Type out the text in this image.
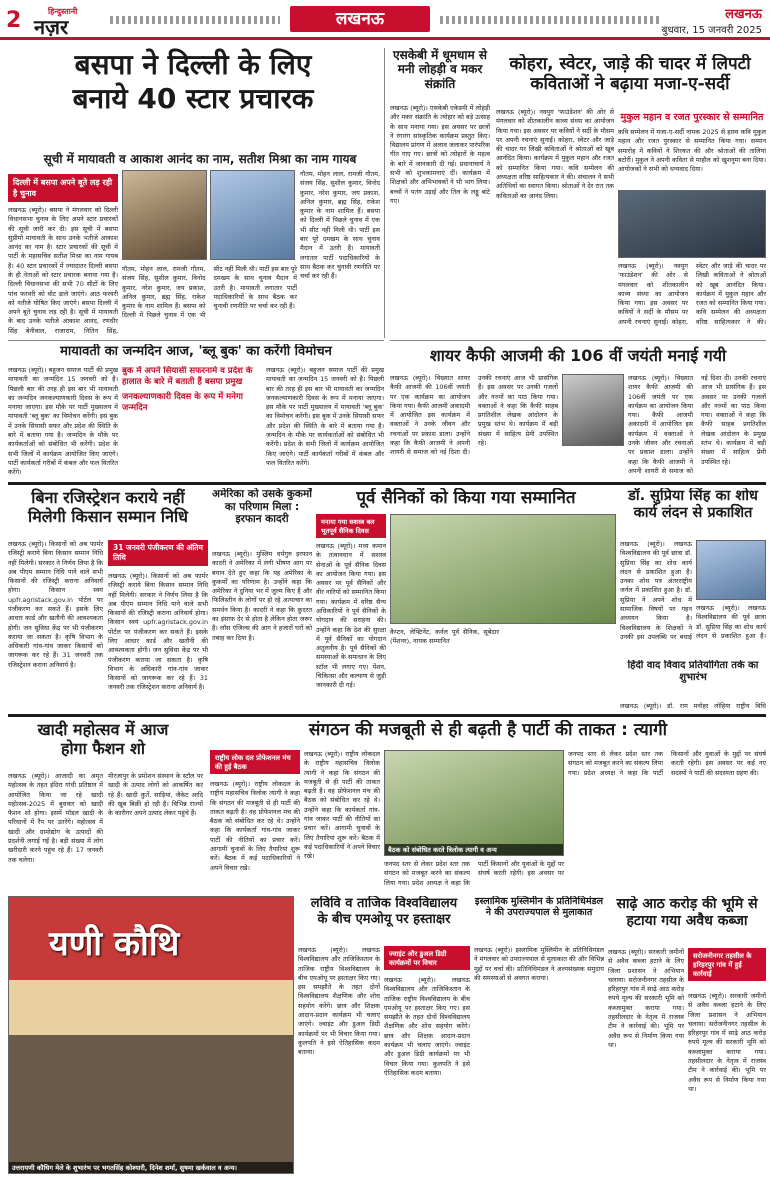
2	हिन्दुस्तानी
नज़र	लखनऊ	लखनऊ
बुधवार, 15 जनवरी 2025
बसपा ने दिल्ली के लिए
बनाये 40 स्टार प्रचारक
सूची में मायावती व आकाश आनंद का नाम, सतीश मिश्रा का नाम गायब
दिल्ली में बसपा अपने बूते लड़ रही है चुनाव
लखनऊ (ब्यूरो)। बसपा ने मंगलवार को दिल्ली विधानसभा चुनाव के लिए अपने स्टार प्रचारकों की सूची जारी कर दी। इस सूची में बसपा सुप्रीमो मायावती के साथ उनके भतीजे आकाश आनंद का नाम है। स्टार प्रचारकों की सूची में पार्टी के महासचिव सतीश मिश्रा का नाम गायब है। 40 स्टार प्रचारकों में ज्यादातर दिल्ली बसपा के ही नेताओं को स्टार प्रचारक बनाया गया है। दिल्ली विधानसभा की सभी 70 सीटों के लिए पांच फरवरी को वोट डाले जाएंगे। आठ फरवरी को नतीजे घोषित किए जाएंगे। बसपा दिल्ली में अपने बूते चुनाव लड़ रही है। सूची में मायावती के बाद उनके भतीजे आकाश आनंद, रणधीर सिंह बेनीवाल, राजाराम, नितिन सिंह,
गौतम, मोहन लाल, रामजी गौतम, संजय सिंह, सुशील कुमार, विनोद कुमार, नरेश कुमार, जय प्रकाश, अनिल कुमार, ब्रह्म सिंह, राकेश कुमार के नाम शामिल हैं। बसपा को दिल्ली में पिछले चुनाव में एक भी सीट नहीं मिली थी। पार्टी इस बार पूरे दमखम के साथ चुनाव मैदान में उतरी है। मायावती लगातार पार्टी पदाधिकारियों के साथ बैठक कर चुनावी रणनीति पर चर्चा कर रही हैं।
गौतम, मोहन लाल, रामजी गौतम, संजय सिंह, सुशील कुमार, विनोद कुमार, नरेश कुमार, जय प्रकाश, अनिल कुमार, ब्रह्म सिंह, राकेश कुमार के नाम शामिल हैं। बसपा को दिल्ली में पिछले चुनाव में एक भी सीट नहीं मिली थी। पार्टी इस बार पूरे दमखम के साथ चुनाव मैदान में उतरी है। मायावती लगातार पार्टी पदाधिकारियों के साथ बैठक कर चुनावी रणनीति पर चर्चा कर रही हैं।
एसकेबी में धूमधाम से मनी लोहड़ी व मकर संक्रांति
लखनऊ (ब्यूरो)। एसकेबी एकेडमी में लोहड़ी और मकर संक्रांति के त्योहार को बड़े उत्साह के साथ मनाया गया। इस अवसर पर छात्रों ने रंगारंग सांस्कृतिक कार्यक्रम प्रस्तुत किए। विद्यालय प्रांगण में अलाव जलाकर पारंपरिक गीत गाए गए। छात्रों को त्योहारों के महत्व के बारे में जानकारी दी गई। प्रधानाचार्य ने सभी को शुभकामनाएं दीं। कार्यक्रम में शिक्षकों और अभिभावकों ने भी भाग लिया। बच्चों ने पतंग उड़ाई और तिल के लड्डू बांटे गए।
कोहरा, स्वेटर, जाड़े की चादर में लिपटी
कविताओं ने बढ़ाया मजा-ए-सर्दी
लखनऊ (ब्यूरो)। नवयुग 'फाउंडेशन' की ओर से मंगलवार को शीतकालीन काव्य संध्या का आयोजन किया गया। इस अवसर पर कवियों ने सर्दी के मौसम पर अपनी रचनाएं सुनाईं। कोहरा, स्वेटर और जाड़े की चादर पर लिखी कविताओं ने श्रोताओं को खूब आनंदित किया। कार्यक्रम में मुकुल महान और रजत को सम्मानित किया गया। कवि सम्मेलन की अध्यक्षता वरिष्ठ साहित्यकार ने की। संचालन ने सभी अतिथियों का स्वागत किया। श्रोताओं ने देर रात तक कविताओं का आनंद लिया।
मुकुल महान व रजत पुरस्कार से सम्मानित
कवि सम्मेलन में मजा-ए-सर्दी नामक 2025 से हास्य कवि मुकुल महान और रजत पुरस्कार से सम्मानित किया गया। सम्मान समारोह में कवियों ने शिरकत की और श्रोताओं की तालियां बटोरीं। मुकुल ने अपनी कविता से माहौल को खुशनुमा बना दिया। आयोजकों ने सभी को धन्यवाद दिया।
लखनऊ (ब्यूरो)। नवयुग 'फाउंडेशन' की ओर से मंगलवार को शीतकालीन काव्य संध्या का आयोजन किया गया। इस अवसर पर कवियों ने सर्दी के मौसम पर अपनी रचनाएं सुनाईं। कोहरा, स्वेटर और जाड़े की चादर पर लिखी कविताओं ने श्रोताओं को खूब आनंदित किया। कार्यक्रम में मुकुल महान और रजत को सम्मानित किया गया। कवि सम्मेलन की अध्यक्षता वरिष्ठ साहित्यकार ने की।
मायावती का जन्मदिन आज, 'ब्लू बुक' का करेंगी विमोचन
लखनऊ (ब्यूरो)। बहुजन समाज पार्टी की प्रमुख मायावती का जन्मदिन 15 जनवरी को है। पिछली बार की तरह ही इस बार भी मायावती का जन्मदिन जनकल्याणकारी दिवस के रूप में मनाया जाएगा। इस मौके पर पार्टी मुख्यालय में मायावती 'ब्लू बुक' का विमोचन करेंगी। इस बुक में उनके सियासी सफर और प्रदेश की स्थिति के बारे में बताया गया है। जन्मदिन के मौके पर कार्यकर्ताओं को संबोधित भी करेंगी। प्रदेश के सभी जिलों में कार्यक्रम आयोजित किए जाएंगे। पार्टी कार्यकर्ता गरीबों में कंबल और फल वितरित करेंगे।
बुक में अपने सियासी सफरनामे व प्रदेश के हालात के बारे में बताती हैं बसपा प्रमुख
जनकल्याणकारी दिवस के रूप में मनेगा जन्मदिन
लखनऊ (ब्यूरो)। बहुजन समाज पार्टी की प्रमुख मायावती का जन्मदिन 15 जनवरी को है। पिछली बार की तरह ही इस बार भी मायावती का जन्मदिन जनकल्याणकारी दिवस के रूप में मनाया जाएगा। इस मौके पर पार्टी मुख्यालय में मायावती 'ब्लू बुक' का विमोचन करेंगी। इस बुक में उनके सियासी सफर और प्रदेश की स्थिति के बारे में बताया गया है। जन्मदिन के मौके पर कार्यकर्ताओं को संबोधित भी करेंगी। प्रदेश के सभी जिलों में कार्यक्रम आयोजित किए जाएंगे। पार्टी कार्यकर्ता गरीबों में कंबल और फल वितरित करेंगे।
शायर कैफी आजमी की 106 वीं जयंती मनाई गयी
लखनऊ (ब्यूरो)। विख्यात शायर कैफी आजमी की 106वीं जयंती पर एक कार्यक्रम का आयोजन किया गया। कैफी आजमी अकादमी में आयोजित इस कार्यक्रम में वक्ताओं ने उनके जीवन और रचनाओं पर प्रकाश डाला। उन्होंने कहा कि कैफी आजमी ने अपनी शायरी से समाज को नई दिशा दी। उनकी रचनाएं आज भी प्रासंगिक हैं। इस अवसर पर उनकी गजलों और नज्मों का पाठ किया गया। वक्ताओं ने कहा कि कैफी साहब प्रगतिशील लेखक आंदोलन के प्रमुख स्तंभ थे। कार्यक्रम में बड़ी संख्या में साहित्य प्रेमी उपस्थित रहे।
लखनऊ (ब्यूरो)। विख्यात शायर कैफी आजमी की 106वीं जयंती पर एक कार्यक्रम का आयोजन किया गया। कैफी आजमी अकादमी में आयोजित इस कार्यक्रम में वक्ताओं ने उनके जीवन और रचनाओं पर प्रकाश डाला। उन्होंने कहा कि कैफी आजमी ने अपनी शायरी से समाज को नई दिशा दी। उनकी रचनाएं आज भी प्रासंगिक हैं। इस अवसर पर उनकी गजलों और नज्मों का पाठ किया गया। वक्ताओं ने कहा कि कैफी साहब प्रगतिशील लेखक आंदोलन के प्रमुख स्तंभ थे। कार्यक्रम में बड़ी संख्या में साहित्य प्रेमी उपस्थित रहे।
बिना रजिस्ट्रेशन कराये नहीं
मिलेगी किसान सम्मान निधि
लखनऊ (ब्यूरो)। किसानों को अब फार्मर रजिस्ट्री कराये बिना किसान सम्मान निधि नहीं मिलेगी। सरकार ने निर्णय लिया है कि अब पीएम सम्मान निधि पाने वाले सभी किसानों की रजिस्ट्री कराना अनिवार्य होगा। किसान स्वयं upfr.agristack.gov.in पोर्टल पर पंजीकरण कर सकते हैं। इसके लिए आधार कार्ड और खतौनी की आवश्यकता होगी। जन सुविधा केंद्र पर भी पंजीकरण कराया जा सकता है। कृषि विभाग के अधिकारी गांव-गांव जाकर किसानों को जागरूक कर रहे हैं। 31 जनवरी तक रजिस्ट्रेशन कराना अनिवार्य है।
31 जनवरी पंजीकरण की अंतिम तिथि
लखनऊ (ब्यूरो)। किसानों को अब फार्मर रजिस्ट्री कराये बिना किसान सम्मान निधि नहीं मिलेगी। सरकार ने निर्णय लिया है कि अब पीएम सम्मान निधि पाने वाले सभी किसानों की रजिस्ट्री कराना अनिवार्य होगा। किसान स्वयं upfr.agristack.gov.in पोर्टल पर पंजीकरण कर सकते हैं। इसके लिए आधार कार्ड और खतौनी की आवश्यकता होगी। जन सुविधा केंद्र पर भी पंजीकरण कराया जा सकता है। कृषि विभाग के अधिकारी गांव-गांव जाकर किसानों को जागरूक कर रहे हैं। 31 जनवरी तक रजिस्ट्रेशन कराना अनिवार्य है।
अमेरिका को उसके कुकर्मों का परिणाम मिला : इरफान कादरी
लखनऊ (ब्यूरो)। मुस्लिम धर्मगुरु इरफान कादरी ने अमेरिका में लगी भीषण आग पर बयान देते हुए कहा कि यह अमेरिका के कुकर्मों का परिणाम है। उन्होंने कहा कि अमेरिका ने दुनिया भर में जुल्म किए हैं और फिलिस्तीन के लोगों पर हो रहे अत्याचार का समर्थन किया है। कादरी ने कहा कि कुदरत का इंसाफ देर से होता है लेकिन होता जरूर है। लॉस एंजिल्स की आग ने हजारों घरों को तबाह कर दिया है।
पूर्व सैनिकों को किया गया सम्मानित
मनाया गया सशस्त्र बल भूतपूर्व सैनिक दिवस
लखनऊ (ब्यूरो)। मध्य कमान के तत्वावधान में सशस्त्र सेनाओं के पूर्व सैनिक दिवस का आयोजन किया गया। इस अवसर पर पूर्व सैनिकों और वीर नारियों को सम्मानित किया गया। कार्यक्रम में वरिष्ठ सैन्य अधिकारियों ने पूर्व सैनिकों के योगदान की सराहना की। उन्होंने कहा कि देश की सुरक्षा में पूर्व सैनिकों का योगदान अतुलनीय है। पूर्व सैनिकों की समस्याओं के समाधान के लिए स्टॉल भी लगाए गए। पेंशन, चिकित्सा और कल्याण से जुड़ी जानकारी दी गई।
कैप्टन, लेफ्टिनेंट, कर्नल पूर्व सैनिक, सूबेदार (पेंशनर), नायक सम्मानित
डॉ. सुप्रिया सिंह का शोध
कार्य लंदन से प्रकाशित
लखनऊ (ब्यूरो)। लखनऊ विश्वविद्यालय की पूर्व छात्रा डॉ. सुप्रिया सिंह का शोध कार्य लंदन से प्रकाशित हुआ है। उनका शोध पत्र अंतरराष्ट्रीय जर्नल में प्रकाशित हुआ है। डॉ. सुप्रिया ने अपने शोध में सामाजिक विषयों पर गहन अध्ययन किया है। विश्वविद्यालय के शिक्षकों ने उनकी इस उपलब्धि पर बधाई
लखनऊ (ब्यूरो)। लखनऊ विश्वविद्यालय की पूर्व छात्रा डॉ. सुप्रिया सिंह का शोध कार्य लंदन से प्रकाशित हुआ है।
हिंदी वाद विवाद प्रतियोगिता तर्क का शुभारंभ
लखनऊ (ब्यूरो)। डॉ. राम मनोहर लोहिया राष्ट्रीय विधि
खादी महोत्सव में आज
होगा फैशन शो
लखनऊ (ब्यूरो)। आजादी का अमृत महोत्सव के तहत इंदिरा गांधी प्रतिष्ठान में आयोजित किया जा रहे खादी महोत्सव-2025 में बुधवार को खादी फैशन शो होगा। इसमें मॉडल खादी के परिधानों में रैंप पर उतरेंगे। महोत्सव में खादी और ग्रामोद्योग के उत्पादों की प्रदर्शनी लगाई गई है। बड़ी संख्या में लोग खरीदारी करने पहुंच रहे हैं। 17 जनवरी तक चलेगा।
मीरजापुर के प्रमोशन संस्थान के स्टॉल पर खादी के उत्पाद लोगों को आकर्षित कर रहे हैं। खादी कुर्ते, साड़ियां, जैकेट आदि की खूब बिक्री हो रही है। विभिन्न राज्यों के कारीगर अपने उत्पाद लेकर पहुंचे हैं।
संगठन की मजबूती से ही बढ़ती है पार्टी की ताकत : त्यागी
राष्ट्रीय लोक दल प्रोफेशनल मंच की हुई बैठक
लखनऊ (ब्यूरो)। राष्ट्रीय लोकदल के राष्ट्रीय महासचिव त्रिलोक त्यागी ने कहा कि संगठन की मजबूती से ही पार्टी की ताकत बढ़ती है। वह प्रोफेशनल मंच की बैठक को संबोधित कर रहे थे। उन्होंने कहा कि कार्यकर्ता गांव-गांव जाकर पार्टी की नीतियों का प्रचार करें। आगामी चुनावों के लिए तैयारियां शुरू करें। बैठक में कई पदाधिकारियों ने अपने विचार रखे।
लखनऊ (ब्यूरो)। राष्ट्रीय लोकदल के राष्ट्रीय महासचिव त्रिलोक त्यागी ने कहा कि संगठन की मजबूती से ही पार्टी की ताकत बढ़ती है। वह प्रोफेशनल मंच की बैठक को संबोधित कर रहे थे। उन्होंने कहा कि कार्यकर्ता गांव-गांव जाकर पार्टी की नीतियों का प्रचार करें। आगामी चुनावों के लिए तैयारियां शुरू करें। बैठक में कई पदाधिकारियों ने अपने विचार रखे।
बैठक को संबोधित करते त्रिलोक त्यागी व अन्य
जनपद स्तर से लेकर प्रदेश स्तर तक संगठन को मजबूत करने का संकल्प लिया गया। प्रदेश अध्यक्ष ने कहा कि पार्टी किसानों और युवाओं के मुद्दों पर संघर्ष करती रहेगी। इस अवसर पर
जनपद स्तर से लेकर प्रदेश स्तर तक संगठन को मजबूत करने का संकल्प लिया गया। प्रदेश अध्यक्ष ने कहा कि पार्टी किसानों और युवाओं के मुद्दों पर संघर्ष करती रहेगी। इस अवसर पर कई नए सदस्यों ने पार्टी की सदस्यता ग्रहण की।
यणी कौथि
उत्तरायणी कौथिग मेले के शुभारंभ पर भगतसिंह कोश्यारी, दिनेश शर्मा, सुषमा खर्कवाल व अन्य।
लविवि व ताजिक विश्वविद्यालय
के बीच एमओयू पर हस्ताक्षर
लखनऊ (ब्यूरो)। लखनऊ विश्वविद्यालय और ताजिकिस्तान के ताजिक राष्ट्रीय विश्वविद्यालय के बीच एमओयू पर हस्ताक्षर किए गए। इस समझौते के तहत दोनों विश्वविद्यालय शैक्षणिक और शोध सहयोग करेंगे। छात्र और शिक्षक आदान-प्रदान कार्यक्रम भी चलाए जाएंगे। ज्वाइंट और डुअल डिग्री कार्यक्रमों पर भी विचार किया गया। कुलपति ने इसे ऐतिहासिक कदम बताया।
ज्वाइंट और डुअल डिग्री कार्यक्रमों पर विचार
लखनऊ (ब्यूरो)। लखनऊ विश्वविद्यालय और ताजिकिस्तान के ताजिक राष्ट्रीय विश्वविद्यालय के बीच एमओयू पर हस्ताक्षर किए गए। इस समझौते के तहत दोनों विश्वविद्यालय शैक्षणिक और शोध सहयोग करेंगे। छात्र और शिक्षक आदान-प्रदान कार्यक्रम भी चलाए जाएंगे। ज्वाइंट और डुअल डिग्री कार्यक्रमों पर भी विचार किया गया। कुलपति ने इसे ऐतिहासिक कदम बताया।
इस्लामिक मुस्लिमीन के प्रतिनिधिमंडल ने की उपराज्यपाल से मुलाकात
लखनऊ (ब्यूरो)। इस्लामिक मुस्लिमीन के प्रतिनिधिमंडल ने मंगलवार को उपराज्यपाल से मुलाकात की और विभिन्न मुद्दों पर चर्चा की। प्रतिनिधिमंडल ने अल्पसंख्यक समुदाय की समस्याओं से अवगत कराया।
साढ़े आठ करोड़ की भूमि से
हटाया गया अवैध कब्जा
लखनऊ (ब्यूरो)। सरकारी जमीनों से अवैध कब्जा हटाने के लिए जिला प्रशासन ने अभियान चलाया। सरोजनीनगर तहसील के हरिहरपुर गांव में साढ़े आठ करोड़ रुपये मूल्य की सरकारी भूमि को कब्जामुक्त कराया गया। तहसीलदार के नेतृत्व में राजस्व टीम ने कार्रवाई की। भूमि पर अवैध रूप से निर्माण किया गया था।
सरोजनीनगर तहसील के हरिहरपुर गांव में हुई कार्रवाई
लखनऊ (ब्यूरो)। सरकारी जमीनों से अवैध कब्जा हटाने के लिए जिला प्रशासन ने अभियान चलाया। सरोजनीनगर तहसील के हरिहरपुर गांव में साढ़े आठ करोड़ रुपये मूल्य की सरकारी भूमि को कब्जामुक्त कराया गया। तहसीलदार के नेतृत्व में राजस्व टीम ने कार्रवाई की। भूमि पर अवैध रूप से निर्माण किया गया था।
